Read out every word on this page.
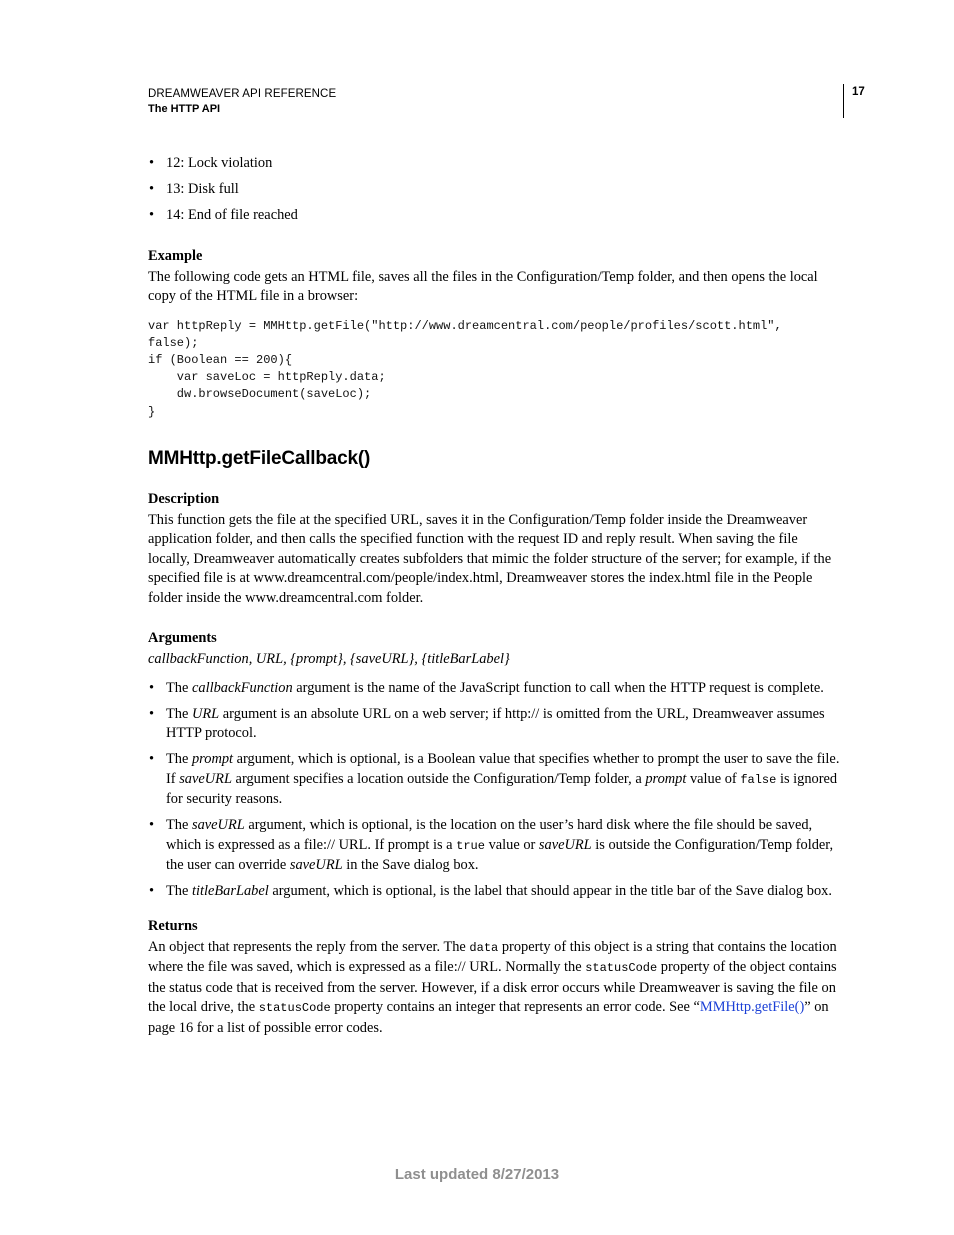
DREAMWEAVER API REFERENCE
The HTTP API
17
• 12: Lock violation
• 13: Disk full
• 14: End of file reached
Example

The following code gets an HTML file, saves all the files in the Configuration/Temp folder, and then opens the local copy of the HTML file in a browser:

var httpReply = MMHttp.getFile("http://www.dreamcentral.com/people/profiles/scott.html",
false);
if (Boolean == 200){
var saveLoc = httpReply.data;
dw.browseDocument(saveLoc);
}
MMHttp.getFileCallback()
Description

This function gets the file at the specified URL, saves it in the Configuration/Temp folder inside the Dreamweaver application folder, and then calls the specified function with the request ID and reply result. When saving the file locally, Dreamweaver automatically creates subfolders that mimic the folder structure of the server; for example, if the specified file is at www.dreamcentral.com/people/index.html, Dreamweaver stores the index.html file in the People folder inside the www.dreamcentral.com folder.

Arguments

callbackFunction, URL, {prompt}, {saveURL}, {titleBarLabel}

• The callbackFunction argument is the name of the JavaScript function to call when the HTTP request is complete.
• The URL argument is an absolute URL on a web server; if http:// is omitted from the URL, Dreamweaver assumes HTTP protocol.
• The prompt argument, which is optional, is a Boolean value that specifies whether to prompt the user to save the file. If saveURL argument specifies a location outside the Configuration/Temp folder, a prompt value of false is ignored for security reasons.
• The saveURL argument, which is optional, is the location on the user’s hard disk where the file should be saved, which is expressed as a file:// URL. If prompt is a true value or saveURL is outside the Configuration/Temp folder, the user can override saveURL in the Save dialog box.
• The titleBarLabel argument, which is optional, is the label that should appear in the title bar of the Save dialog box.
Returns

An object that represents the reply from the server. The data property of this object is a string that contains the location where the file was saved, which is expressed as a file:// URL. Normally the statusCode property of the object contains the status code that is received from the server. However, if a disk error occurs while Dreamweaver is saving the file on the local drive, the statusCode property contains an integer that represents an error code. See “MMHttp.getFile()” on page 16 for a list of possible error codes.

Last updated 8/27/2013
